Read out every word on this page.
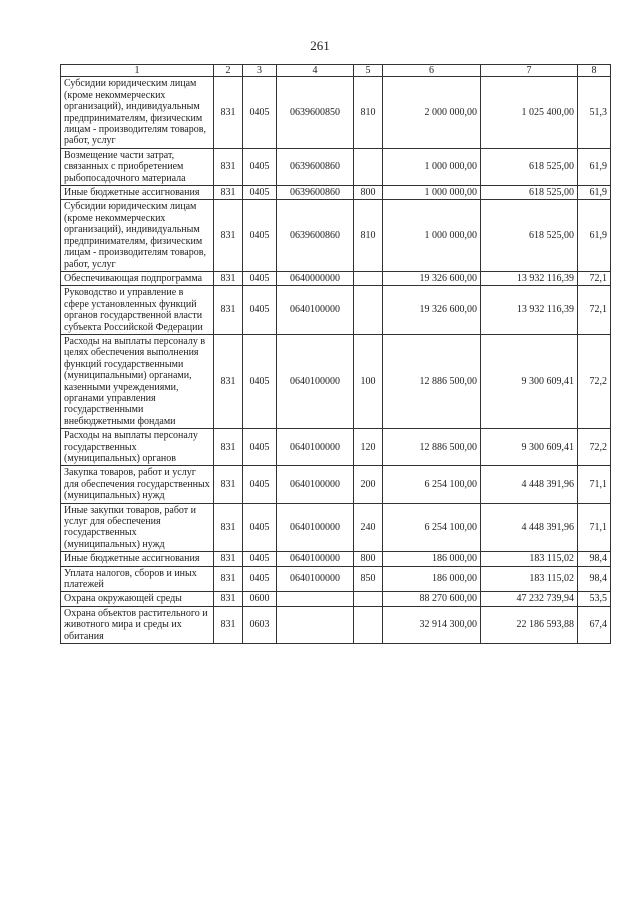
261
1	2	3	4	5	6	7	8
Субсидии юридическим лицам (кроме некоммерческих организаций), индивидуальным предпринимателям, физическим лицам - производителям товаров, работ, услуг	831	0405	0639600850	810	2 000 000,00	1 025 400,00	51,3
Возмещение части затрат, связанных с приобретением рыбопосадочного материала	831	0405	0639600860		1 000 000,00	618 525,00	61,9
Иные бюджетные ассигнования	831	0405	0639600860	800	1 000 000,00	618 525,00	61,9
Субсидии юридическим лицам (кроме некоммерческих организаций), индивидуальным предпринимателям, физическим лицам - производителям товаров, работ, услуг	831	0405	0639600860	810	1 000 000,00	618 525,00	61,9
Обеспечивающая подпрограмма	831	0405	0640000000		19 326 600,00	13 932 116,39	72,1
Руководство и управление в сфере установленных функций органов государственной власти субъекта Российской Федерации	831	0405	0640100000		19 326 600,00	13 932 116,39	72,1
Расходы на выплаты персоналу в целях обеспечения выполнения функций государственными (муниципальными) органами, казенными учреждениями, органами управления государственными внебюджетными фондами	831	0405	0640100000	100	12 886 500,00	9 300 609,41	72,2
Расходы на выплаты персоналу государственных (муниципальных) органов	831	0405	0640100000	120	12 886 500,00	9 300 609,41	72,2
Закупка товаров, работ и услуг для обеспечения государственных (муниципальных) нужд	831	0405	0640100000	200	6 254 100,00	4 448 391,96	71,1
Иные закупки товаров, работ и услуг для обеспечения государственных (муниципальных) нужд	831	0405	0640100000	240	6 254 100,00	4 448 391,96	71,1
Иные бюджетные ассигнования	831	0405	0640100000	800	186 000,00	183 115,02	98,4
Уплата налогов, сборов и иных платежей	831	0405	0640100000	850	186 000,00	183 115,02	98,4
Охрана окружающей среды	831	0600			88 270 600,00	47 232 739,94	53,5
Охрана объектов растительного и животного мира и среды их обитания	831	0603			32 914 300,00	22 186 593,88	67,4
